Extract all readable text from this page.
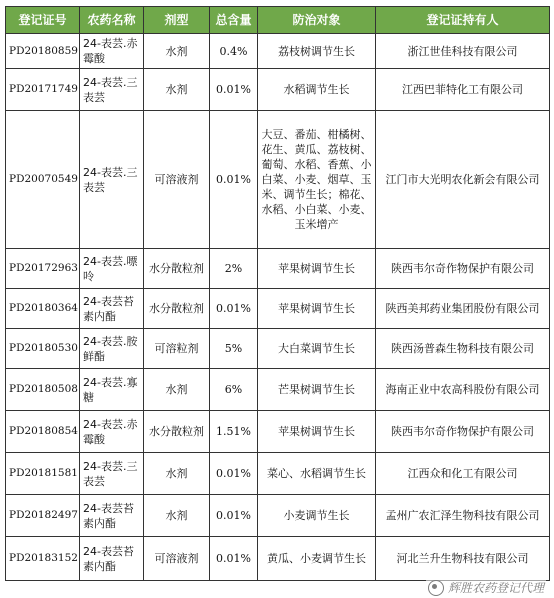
登记证号	农药名称	剂型	总含量	防治对象	登记证持有人
PD20180859	24-表芸.赤霉酸	水剂	0.4%	荔枝树调节生长	浙江世佳科技有限公司
PD20171749	24-表芸.三表芸	水剂	0.01%	水稻调节生长	江西巴菲特化工有限公司
PD20070549	24-表芸.三表芸	可溶液剂	0.01%	大豆、番茄、柑橘树、花生、黄瓜、荔枝树、葡萄、水稻、香蕉、小白菜、小麦、烟草、玉米、调节生长；棉花、水稻、小白菜、小麦、玉米增产	江门市大光明农化新会有限公司
PD20172963	24-表芸.嘌呤	水分散粒剂	2%	苹果树调节生长	陕西韦尔奇作物保护有限公司
PD20180364	24-表芸苔素内酯	水分散粒剂	0.01%	苹果树调节生长	陕西美邦药业集团股份有限公司
PD20180530	24-表芸.胺鲜酯	可溶粒剂	5%	大白菜调节生长	陕西汤普森生物科技有限公司
PD20180508	24-表芸.寡糖	水剂	6%	芒果树调节生长	海南正业中农高科股份有限公司
PD20180854	24-表芸.赤霉酸	水分散粒剂	1.51%	苹果树调节生长	陕西韦尔奇作物保护有限公司
PD20181581	24-表芸.三表芸	水剂	0.01%	菜心、水稻调节生长	江西众和化工有限公司
PD20182497	24-表芸苔素内酯	水剂	0.01%	小麦调节生长	孟州广农汇泽生物科技有限公司
PD20183152	24-表芸苔素内酯	可溶液剂	0.01%	黄瓜、小麦调节生长	河北兰升生物科技有限公司
辉胜农药登记代理
